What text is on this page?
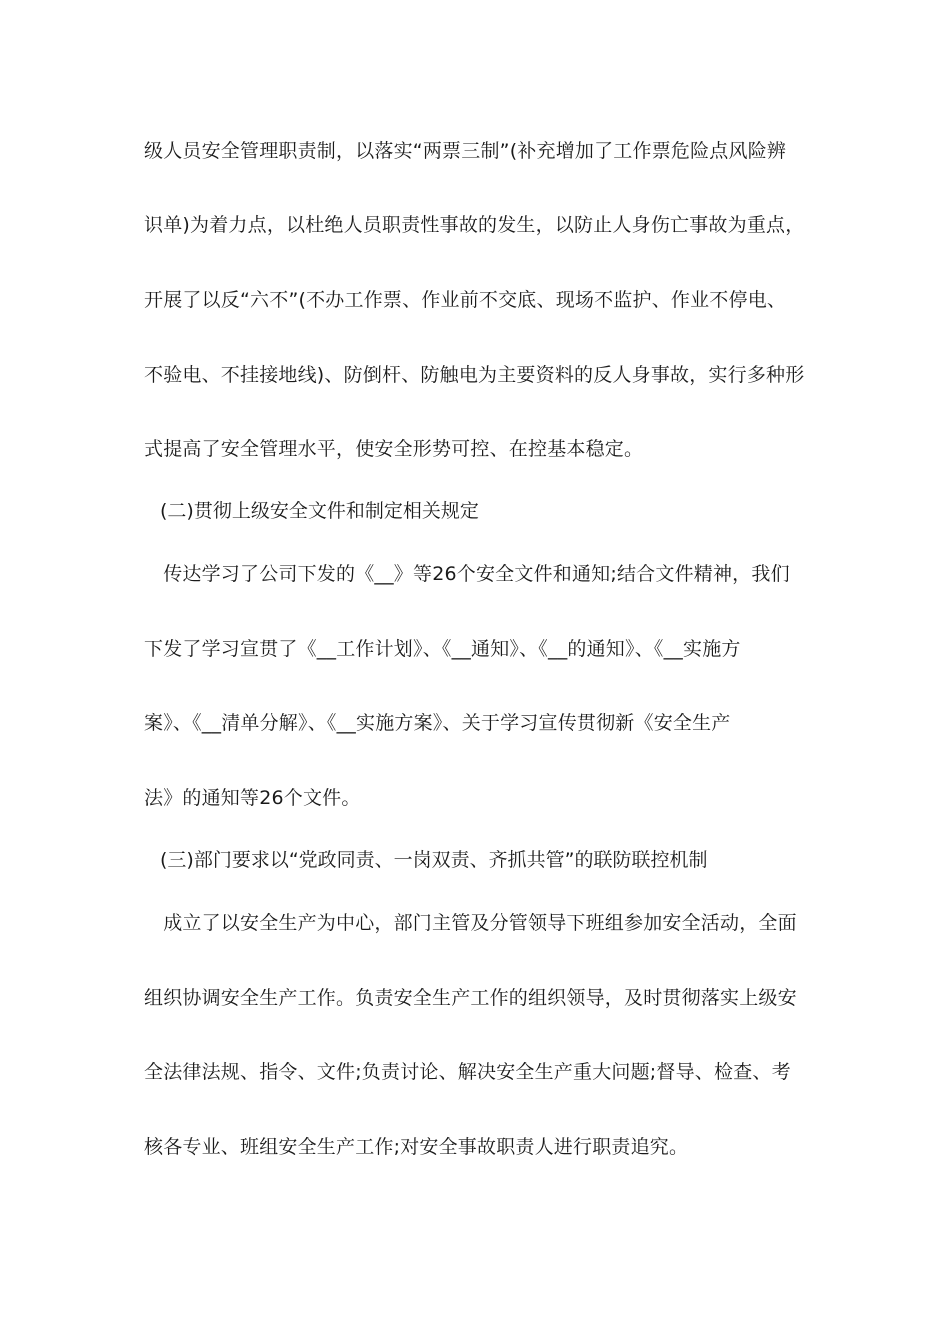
级人员安全管理职责制，以落实“两票三制”(补充增加了工作票危险点风险辨
识单)为着力点，以杜绝人员职责性事故的发生，以防止人身伤亡事故为重点，
开展了以反“六不”(不办工作票、作业前不交底、现场不监护、作业不停电、
不验电、不挂接地线)、防倒杆、防触电为主要资料的反人身事故，实行多种形
式提高了安全管理水平，使安全形势可控、在控基本稳定。
(二)贯彻上级安全文件和制定相关规定
　传达学习了公司下发的《__》等26个安全文件和通知;结合文件精神，我们
下发了学习宣贯了《__工作计划》、《__通知》、《__的通知》、《__实施方
案》、《__清单分解》、《__实施方案》、关于学习宣传贯彻新《安全生产
法》的通知等26个文件。
(三)部门要求以“党政同责、一岗双责、齐抓共管”的联防联控机制
　成立了以安全生产为中心，部门主管及分管领导下班组参加安全活动，全面
组织协调安全生产工作。负责安全生产工作的组织领导，及时贯彻落实上级安
全法律法规、指令、文件;负责讨论、解决安全生产重大问题;督导、检查、考
核各专业、班组安全生产工作;对安全事故职责人进行职责追究。
